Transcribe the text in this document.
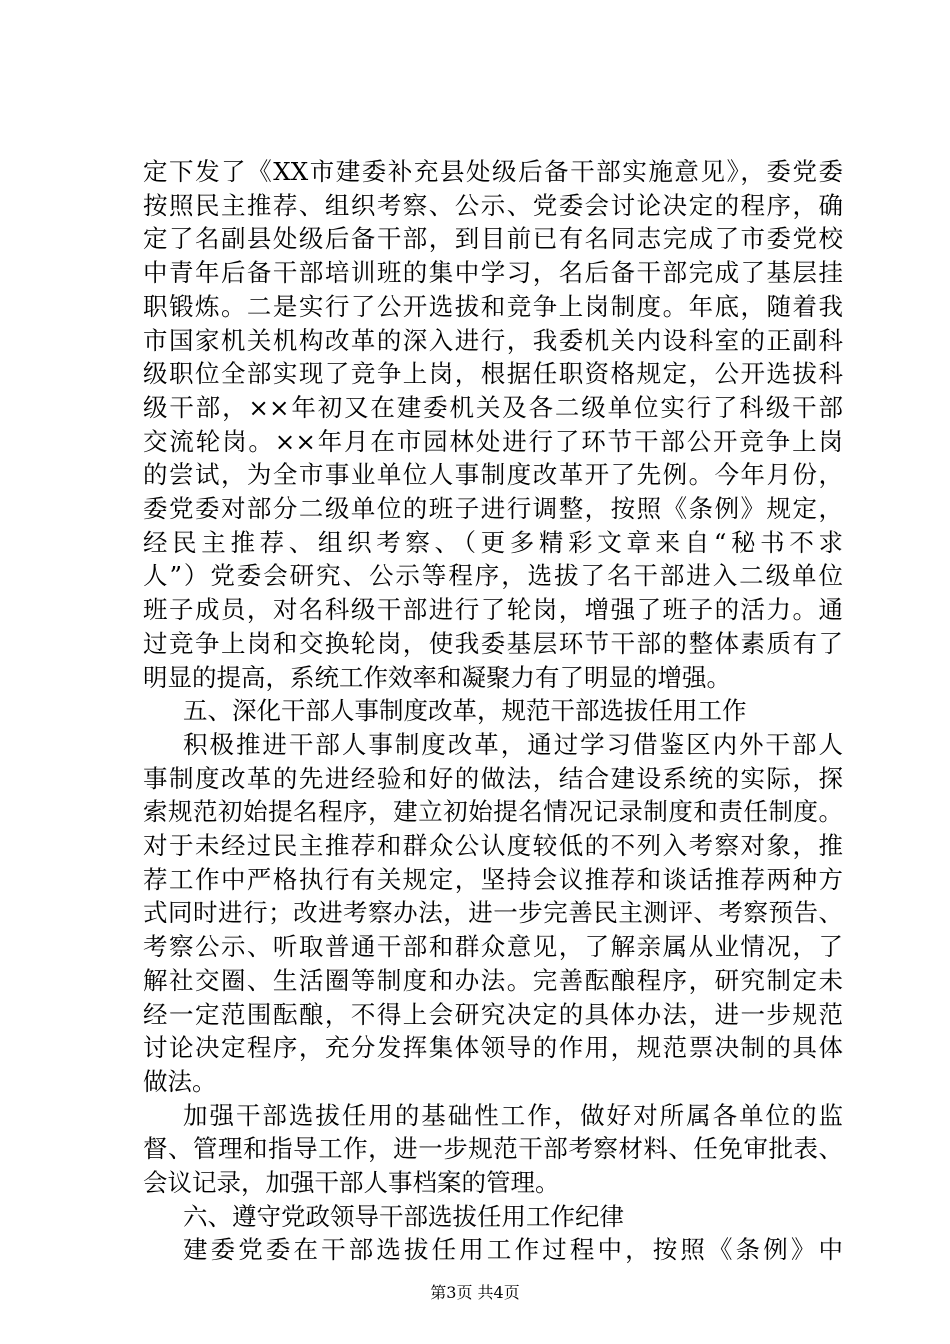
定下发了《XX市建委补充县处级后备干部实施意见》，委党委
按照民主推荐、组织考察、公示、党委会讨论决定的程序，确
定了名副县处级后备干部，到目前已有名同志完成了市委党校
中青年后备干部培训班的集中学习，名后备干部完成了基层挂
职锻炼。二是实行了公开选拔和竞争上岗制度。年底，随着我
市国家机关机构改革的深入进行，我委机关内设科室的正副科
级职位全部实现了竞争上岗，根据任职资格规定，公开选拔科
级干部，××年初又在建委机关及各二级单位实行了科级干部
交流轮岗。××年月在市园林处进行了环节干部公开竞争上岗
的尝试，为全市事业单位人事制度改革开了先例。今年月份，
委党委对部分二级单位的班子进行调整，按照《条例》规定，
经民主推荐、组织考察、（更多精彩文章来自“秘书不求
人”）党委会研究、公示等程序，选拔了名干部进入二级单位
班子成员，对名科级干部进行了轮岗，增强了班子的活力。通
过竞争上岗和交换轮岗，使我委基层环节干部的整体素质有了
明显的提高，系统工作效率和凝聚力有了明显的增强。
五、深化干部人事制度改革，规范干部选拔任用工作
积极推进干部人事制度改革，通过学习借鉴区内外干部人
事制度改革的先进经验和好的做法，结合建设系统的实际，探
索规范初始提名程序，建立初始提名情况记录制度和责任制度。
对于未经过民主推荐和群众公认度较低的不列入考察对象，推
荐工作中严格执行有关规定，坚持会议推荐和谈话推荐两种方
式同时进行；改进考察办法，进一步完善民主测评、考察预告、
考察公示、听取普通干部和群众意见，了解亲属从业情况，了
解社交圈、生活圈等制度和办法。完善酝酿程序，研究制定未
经一定范围酝酿，不得上会研究决定的具体办法，进一步规范
讨论决定程序，充分发挥集体领导的作用，规范票决制的具体
做法。
加强干部选拔任用的基础性工作，做好对所属各单位的监
督、管理和指导工作，进一步规范干部考察材料、任免审批表、
会议记录，加强干部人事档案的管理。
第3页 共4页
六、遵守党政领导干部选拔任用工作纪律
建委党委在干部选拔任用工作过程中，按照《条例》中
